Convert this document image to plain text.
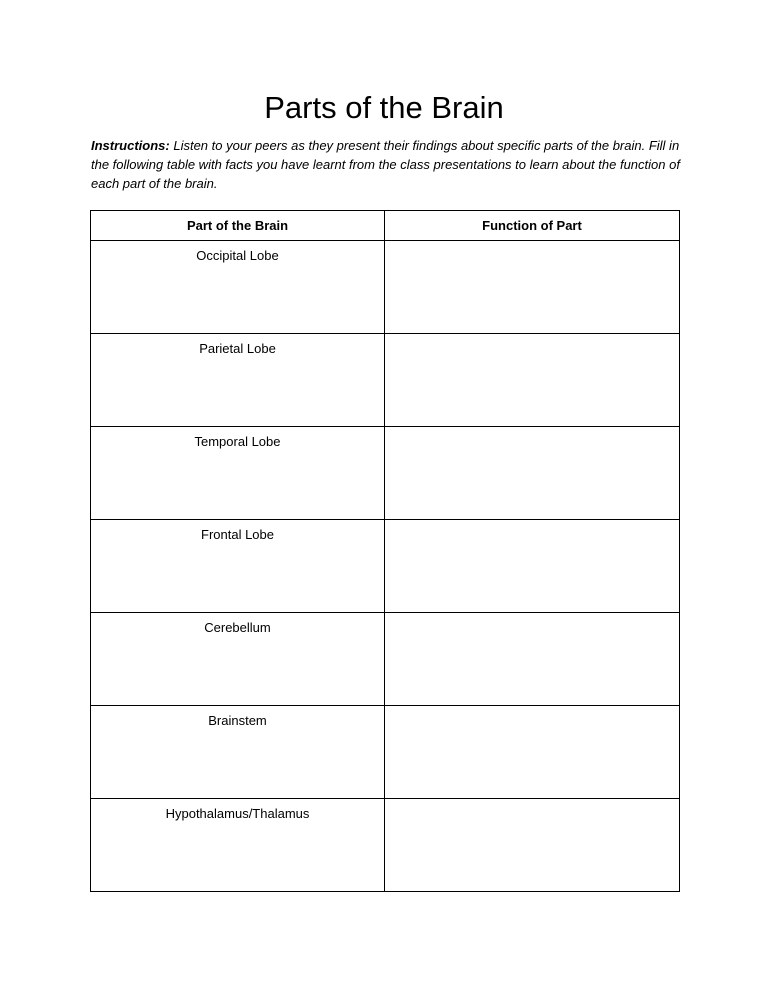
Parts of the Brain

Instructions: Listen to your peers as they present their findings about specific parts of the brain. Fill in the following table with facts you have learnt from the class presentations to learn about the function of each part of the brain.

Part of the Brain	Function of Part

Occipital Lobe	

Parietal Lobe	

Temporal Lobe	

Frontal Lobe	

Cerebellum	

Brainstem	

Hypothalamus/Thalamus	
